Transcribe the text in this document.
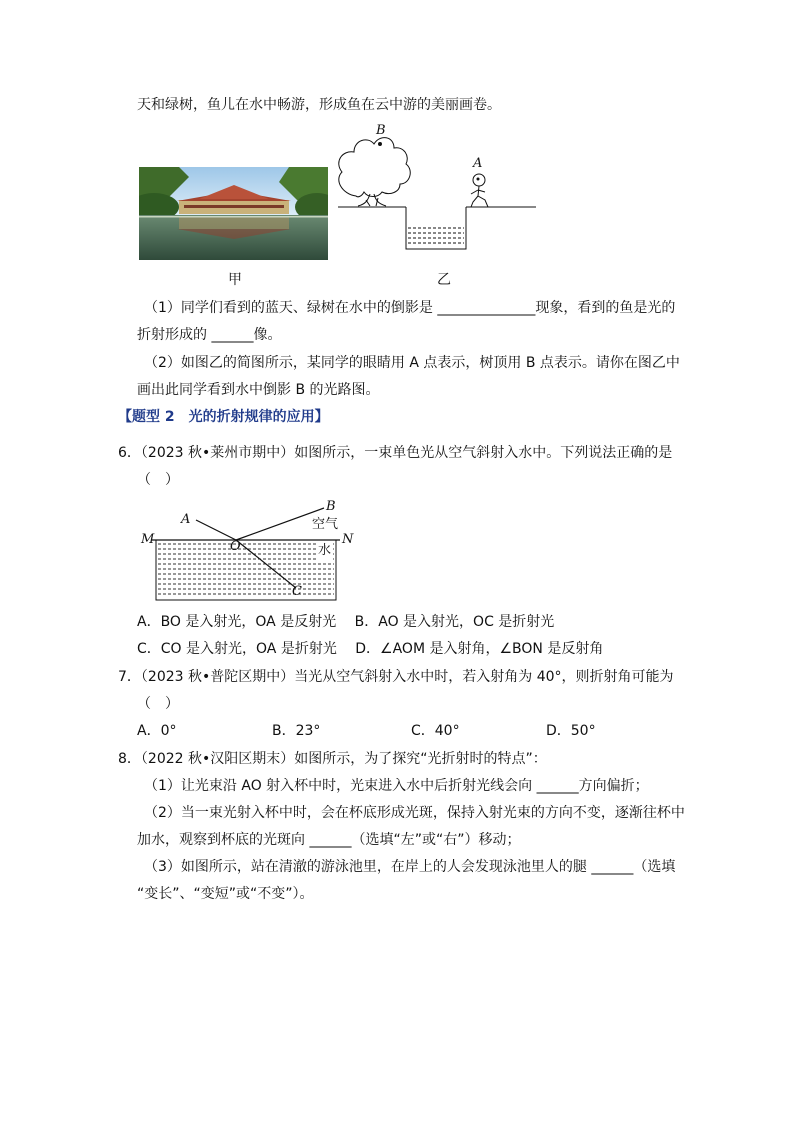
天和绿树，鱼儿在水中畅游，形成鱼在云中游的美丽画卷。
甲
B
A
乙
（1）同学们看到的蓝天、绿树在水中的倒影是 ______________现象，看到的鱼是光的
折射形成的 ______像。
（2）如图乙的简图所示，某同学的眼睛用 A 点表示，树顶用 B 点表示。请你在图乙中
画出此同学看到水中倒影 B 的光路图。
【题型 2　光的折射规律的应用】
6．（2023 秋•莱州市期中）如图所示，一束单色光从空气斜射入水中。下列说法正确的是
（　）
A
B
空气
M	O	水
N
C
A．BO 是入射光，OA 是反射光　 B．AO 是入射光，OC 是折射光
C．CO 是入射光，OA 是折射光　 D．∠AOM 是入射角，∠BON 是反射角
7．（2023 秋•普陀区期中）当光从空气斜射入水中时，若入射角为 40°，则折射角可能为
（　）
A．0°	B．23°	C．40°	D．50°
8．（2022 秋•汉阳区期末）如图所示，为了探究“光折射时的特点”：
（1）让光束沿 AO 射入杯中时，光束进入水中后折射光线会向 ______方向偏折；
（2）当一束光射入杯中时，会在杯底形成光斑，保持入射光束的方向不变，逐渐往杯中
加水，观察到杯底的光斑向 ______（选填“左”或“右”）移动；
（3）如图所示，站在清澈的游泳池里，在岸上的人会发现泳池里人的腿 ______（选填
“变长”、“变短”或“不变”）。
